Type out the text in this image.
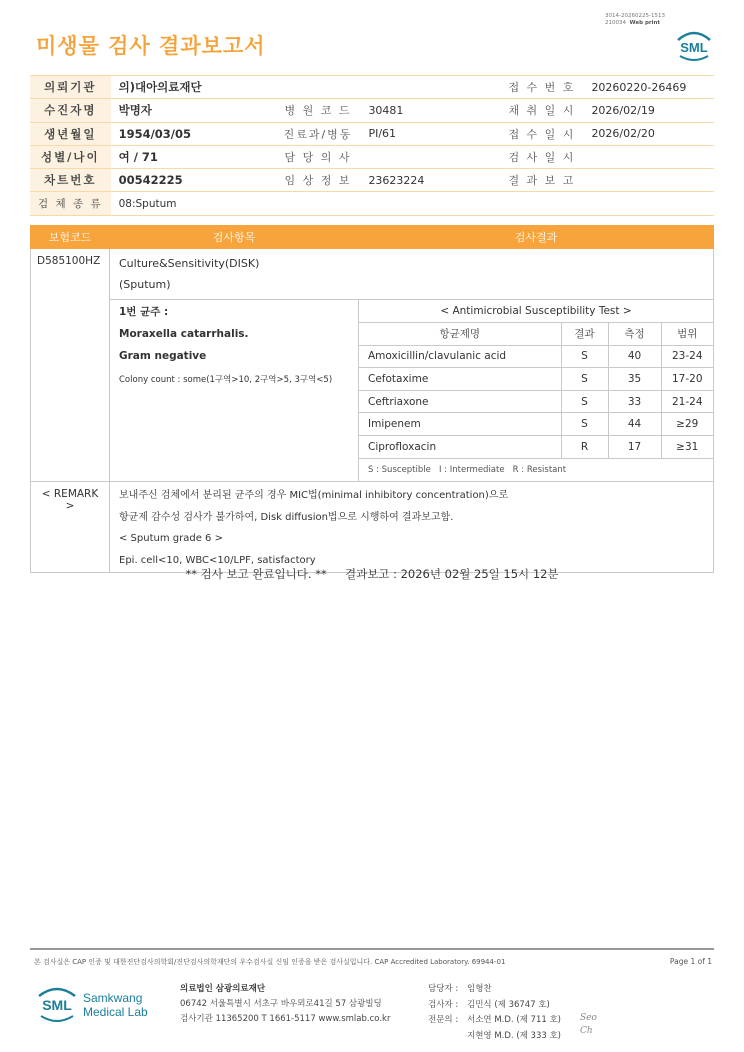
3014-20260225-1513
210034 Web print
미생물 검사 결과보고서	SML
의뢰기관	의)대아의료재단			접 수 번 호	20260220-26469
수진자명	박명자	병 원 코 드	30481	채 취 일 시	2026/02/19
생년월일	1954/03/05	진료과/병동	PI/61	접 수 일 시	2026/02/20
성별/나이	여 / 71	담 당 의 사		검 사 일 시	
차트번호	00542225	임 상 정 보	23623224	결 과 보 고	
검 체 종 류	08:Sputum				
보험코드	검사항목	검사결과
D585100HZ	Culture&Sensitivity(DISK)
(Sputum)

1번 균주 :
Moraxella catarrhalis.
Gram negative
Colony count : some(1구역>10, 2구역>5, 3구역<5)

< Antimicrobial Susceptibility Test >
항균제명	결과	측정	범위
Amoxicillin/clavulanic acid	S	40	23-24
Cefotaxime	S	35	17-20
Ceftriaxone	S	33	21-24
Imipenem	S	44	≥29
Ciprofloxacin	R	17	≥31
S : Susceptible   I : Intermediate   R : Resistant

< REMARK >	
보내주신 검체에서 분리된 균주의 경우 MIC법(minimal inhibitory concentration)으로
항균제 감수성 검사가 불가하여, Disk diffusion법으로 시행하여 결과보고함.
< Sputum grade 6 >
Epi. cell<10, WBC<10/LPF, satisfactory
** 검사 보고 완료입니다. **     결과보고 : 2026년 02월 25일 15시 12분
본 검사실은 CAP 인증 및 대한진단검사의학회/진단검사의학재단의 우수검사실 신임 인증을 받은 검사실입니다. CAP Accredited Laboratory. 69944-01	Page 1 of 1
SML Samkwang
Medical Lab
의료법인 삼광의료재단
06742 서울특별시 서초구 바우뫼로41길 57 삼광빌딩
검사기관 11365200 T 1661-5117 www.smlab.co.kr
담당자 : 임형찬
검사자 : 김민식 (제 36747 호)
전문의 : 서소연 M.D. (제 711 호)
지현영 M.D. (제 333 호)
Seo
Ch
